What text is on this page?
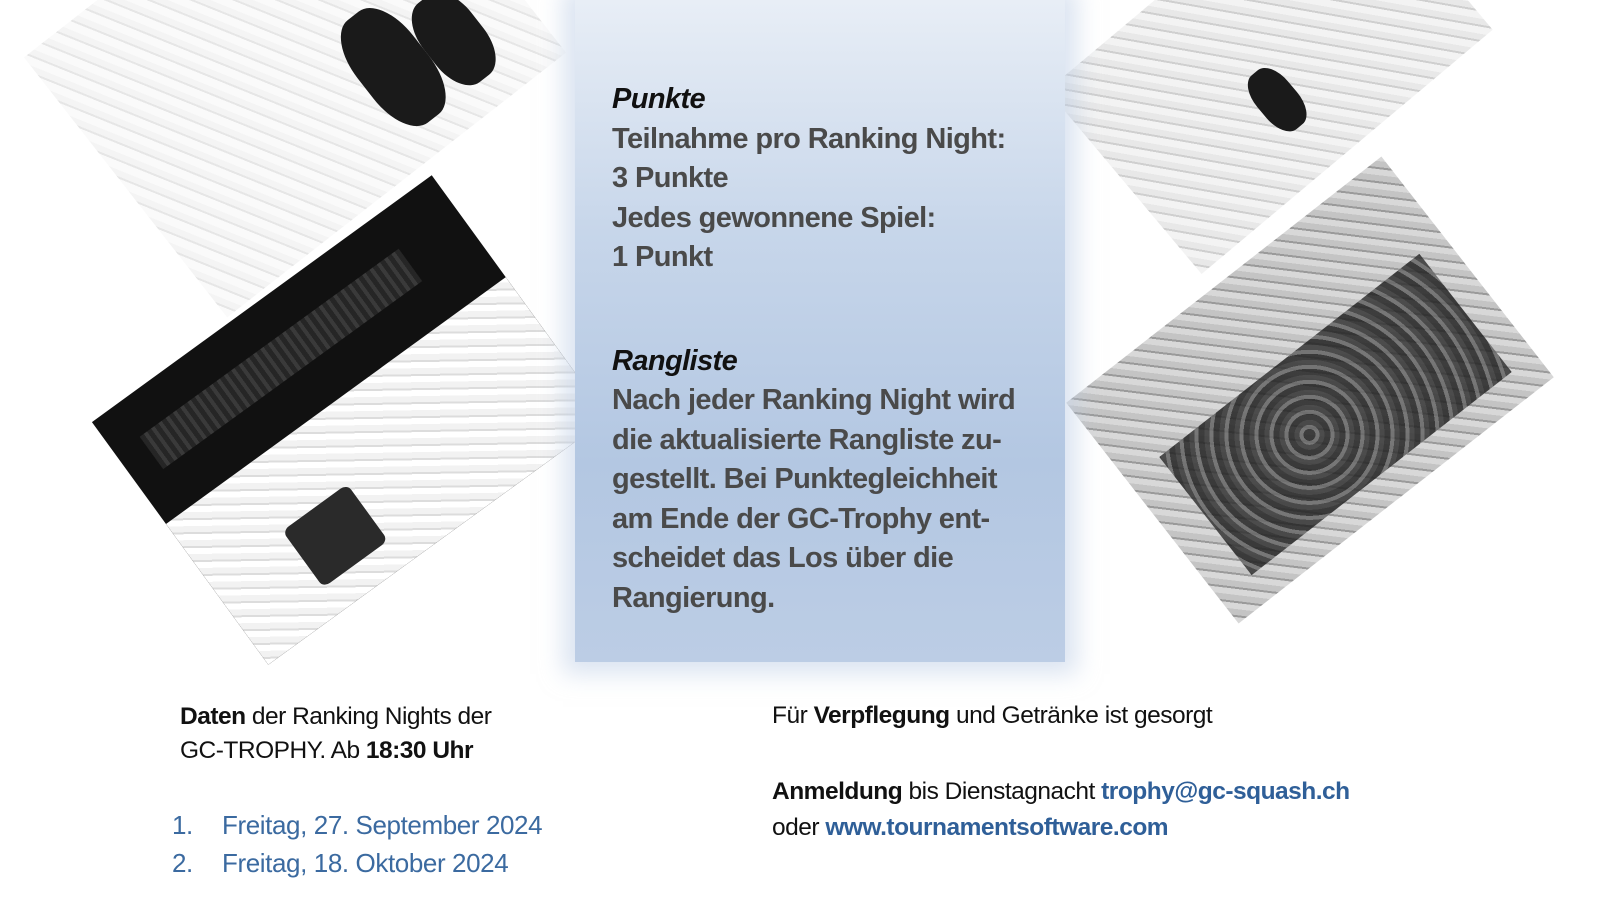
Punkte
Teilnahme pro Ranking Night:
3 Punkte
Jedes gewonnene Spiel:
1 Punkt
Rangliste
Nach jeder Ranking Night wird
die aktualisierte Rangliste zu-
gestellt. Bei Punktegleichheit
am Ende der GC-Trophy ent-
scheidet das Los über die
Rangierung.
Daten der Ranking Nights der
GC-TROPHY. Ab 18:30 Uhr
1. Freitag, 27. September 2024
2. Freitag, 18. Oktober 2024
Für Verpflegung und Getränke ist gesorgt
Anmeldung bis Dienstagnacht trophy@gc-squash.ch
oder www.tournamentsoftware.com
